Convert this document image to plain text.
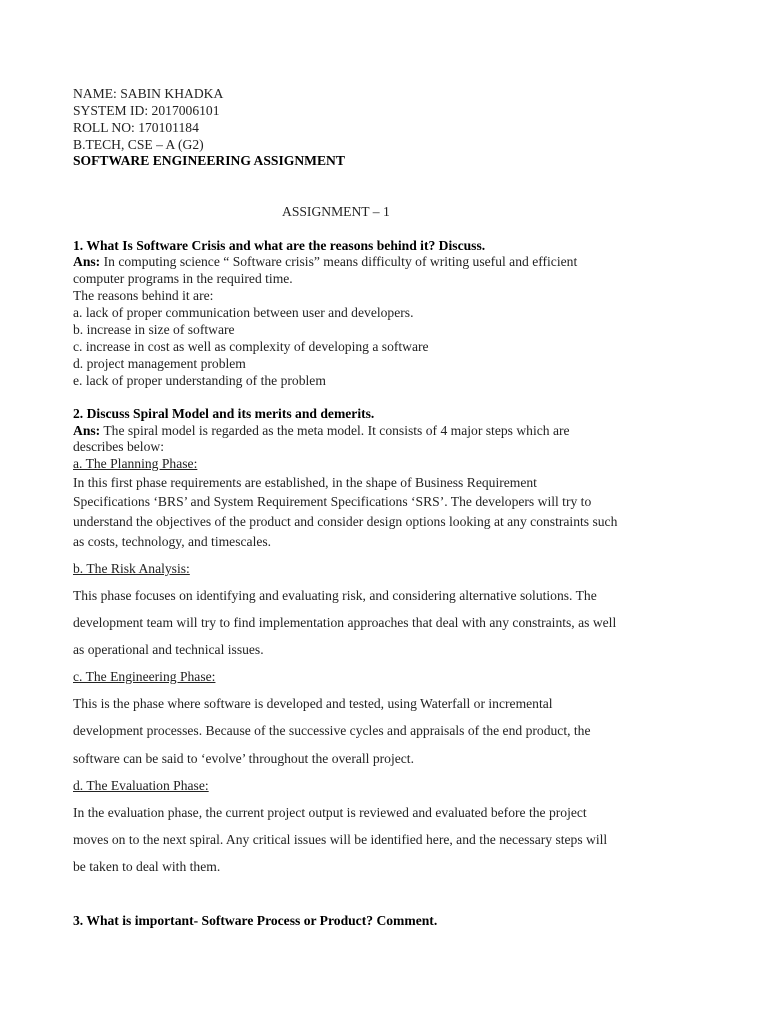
NAME: SABIN KHADKA
SYSTEM ID: 2017006101
ROLL NO: 170101184
B.TECH, CSE – A (G2)
SOFTWARE ENGINEERING ASSIGNMENT
ASSIGNMENT – 1
1. What Is Software Crisis and what are the reasons behind it? Discuss.
Ans: In computing science “ Software crisis” means difficulty of writing useful and efficient
computer programs in the required time.
The reasons behind it are:
a. lack of proper communication between user and developers.
b. increase in size of software
c. increase in cost as well as complexity of developing a software
d. project management problem
e. lack of proper understanding of the problem
2. Discuss Spiral Model and its merits and demerits.
Ans: The spiral model is regarded as the meta model. It consists of 4 major steps which are
describes below:
a. The Planning Phase:
In this first phase requirements are established, in the shape of Business Requirement
Specifications ‘BRS’ and System Requirement Specifications ‘SRS’. The developers will try to
understand the objectives of the product and consider design options looking at any constraints such
as costs, technology, and timescales.
b. The Risk Analysis:
This phase focuses on identifying and evaluating risk, and considering alternative solutions. The
development team will try to find implementation approaches that deal with any constraints, as well
as operational and technical issues.
c. The Engineering Phase:
This is the phase where software is developed and tested, using Waterfall or incremental
development processes. Because of the successive cycles and appraisals of the end product, the
software can be said to ‘evolve’ throughout the overall project.
d. The Evaluation Phase:
In the evaluation phase, the current project output is reviewed and evaluated before the project
moves on to the next spiral. Any critical issues will be identified here, and the necessary steps will
be taken to deal with them.
3. What is important- Software Process or Product? Comment.
